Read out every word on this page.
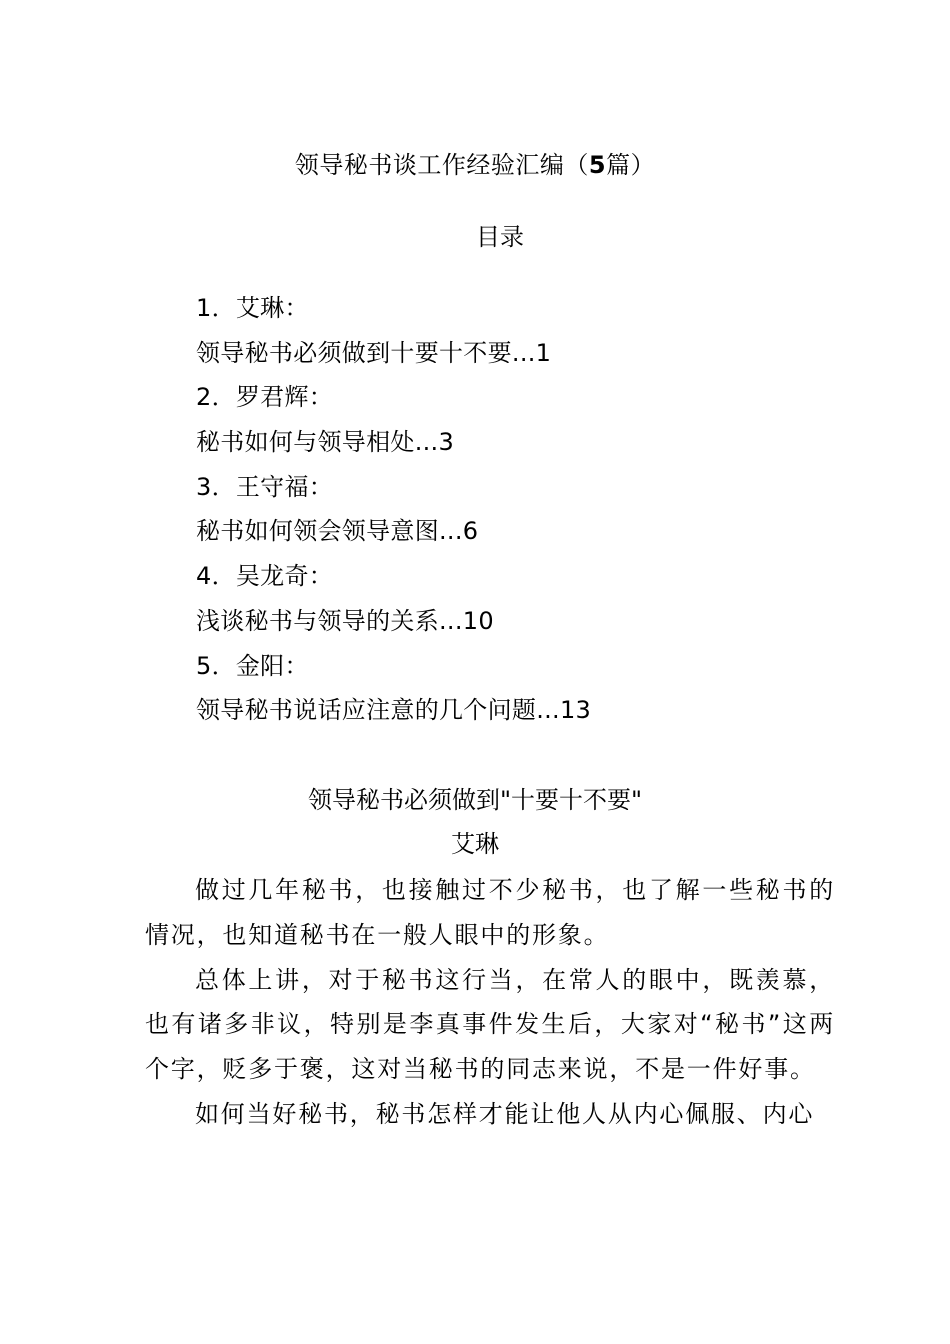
领导秘书谈工作经验汇编（5篇）
目录
1．艾琳：
领导秘书必须做到十要十不要...1
2．罗君辉：
秘书如何与领导相处...3
3．王守福：
秘书如何领会领导意图...6
4．吴龙奇：
浅谈秘书与领导的关系...10
5．金阳：
领导秘书说话应注意的几个问题...13
领导秘书必须做到"十要十不要"
艾琳

做过几年秘书，也接触过不少秘书，也了解一些秘书的情况，也知道秘书在一般人眼中的形象。

总体上讲，对于秘书这行当，在常人的眼中，既羡慕，也有诸多非议，特别是李真事件发生后，大家对“秘书”这两个字，贬多于褒，这对当秘书的同志来说，不是一件好事。

如何当好秘书，秘书怎样才能让他人从内心佩服、内心
